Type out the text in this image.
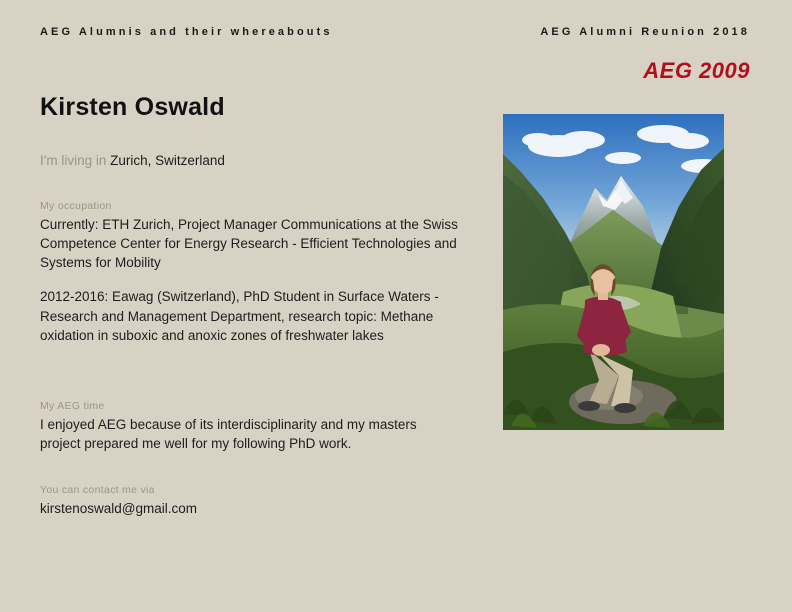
AEG Alumnis and their whereabouts	AEG Alumni Reunion 2018
AEG 2009
Kirsten Oswald
I'm living in Zurich, Switzerland
My occupation
Currently: ETH Zurich, Project Manager Communications at the Swiss Competence Center for Energy Research - Efficient Technologies and Systems for Mobility
2012-2016: Eawag (Switzerland), PhD Student in Surface Waters - Research and Management Department, research topic: Methane oxidation in suboxic and anoxic zones of freshwater lakes
My AEG time
I enjoyed AEG because of its interdisciplinarity and my masters project prepared me well for my following PhD work.
You can contact me via
kirstenoswald@gmail.com
